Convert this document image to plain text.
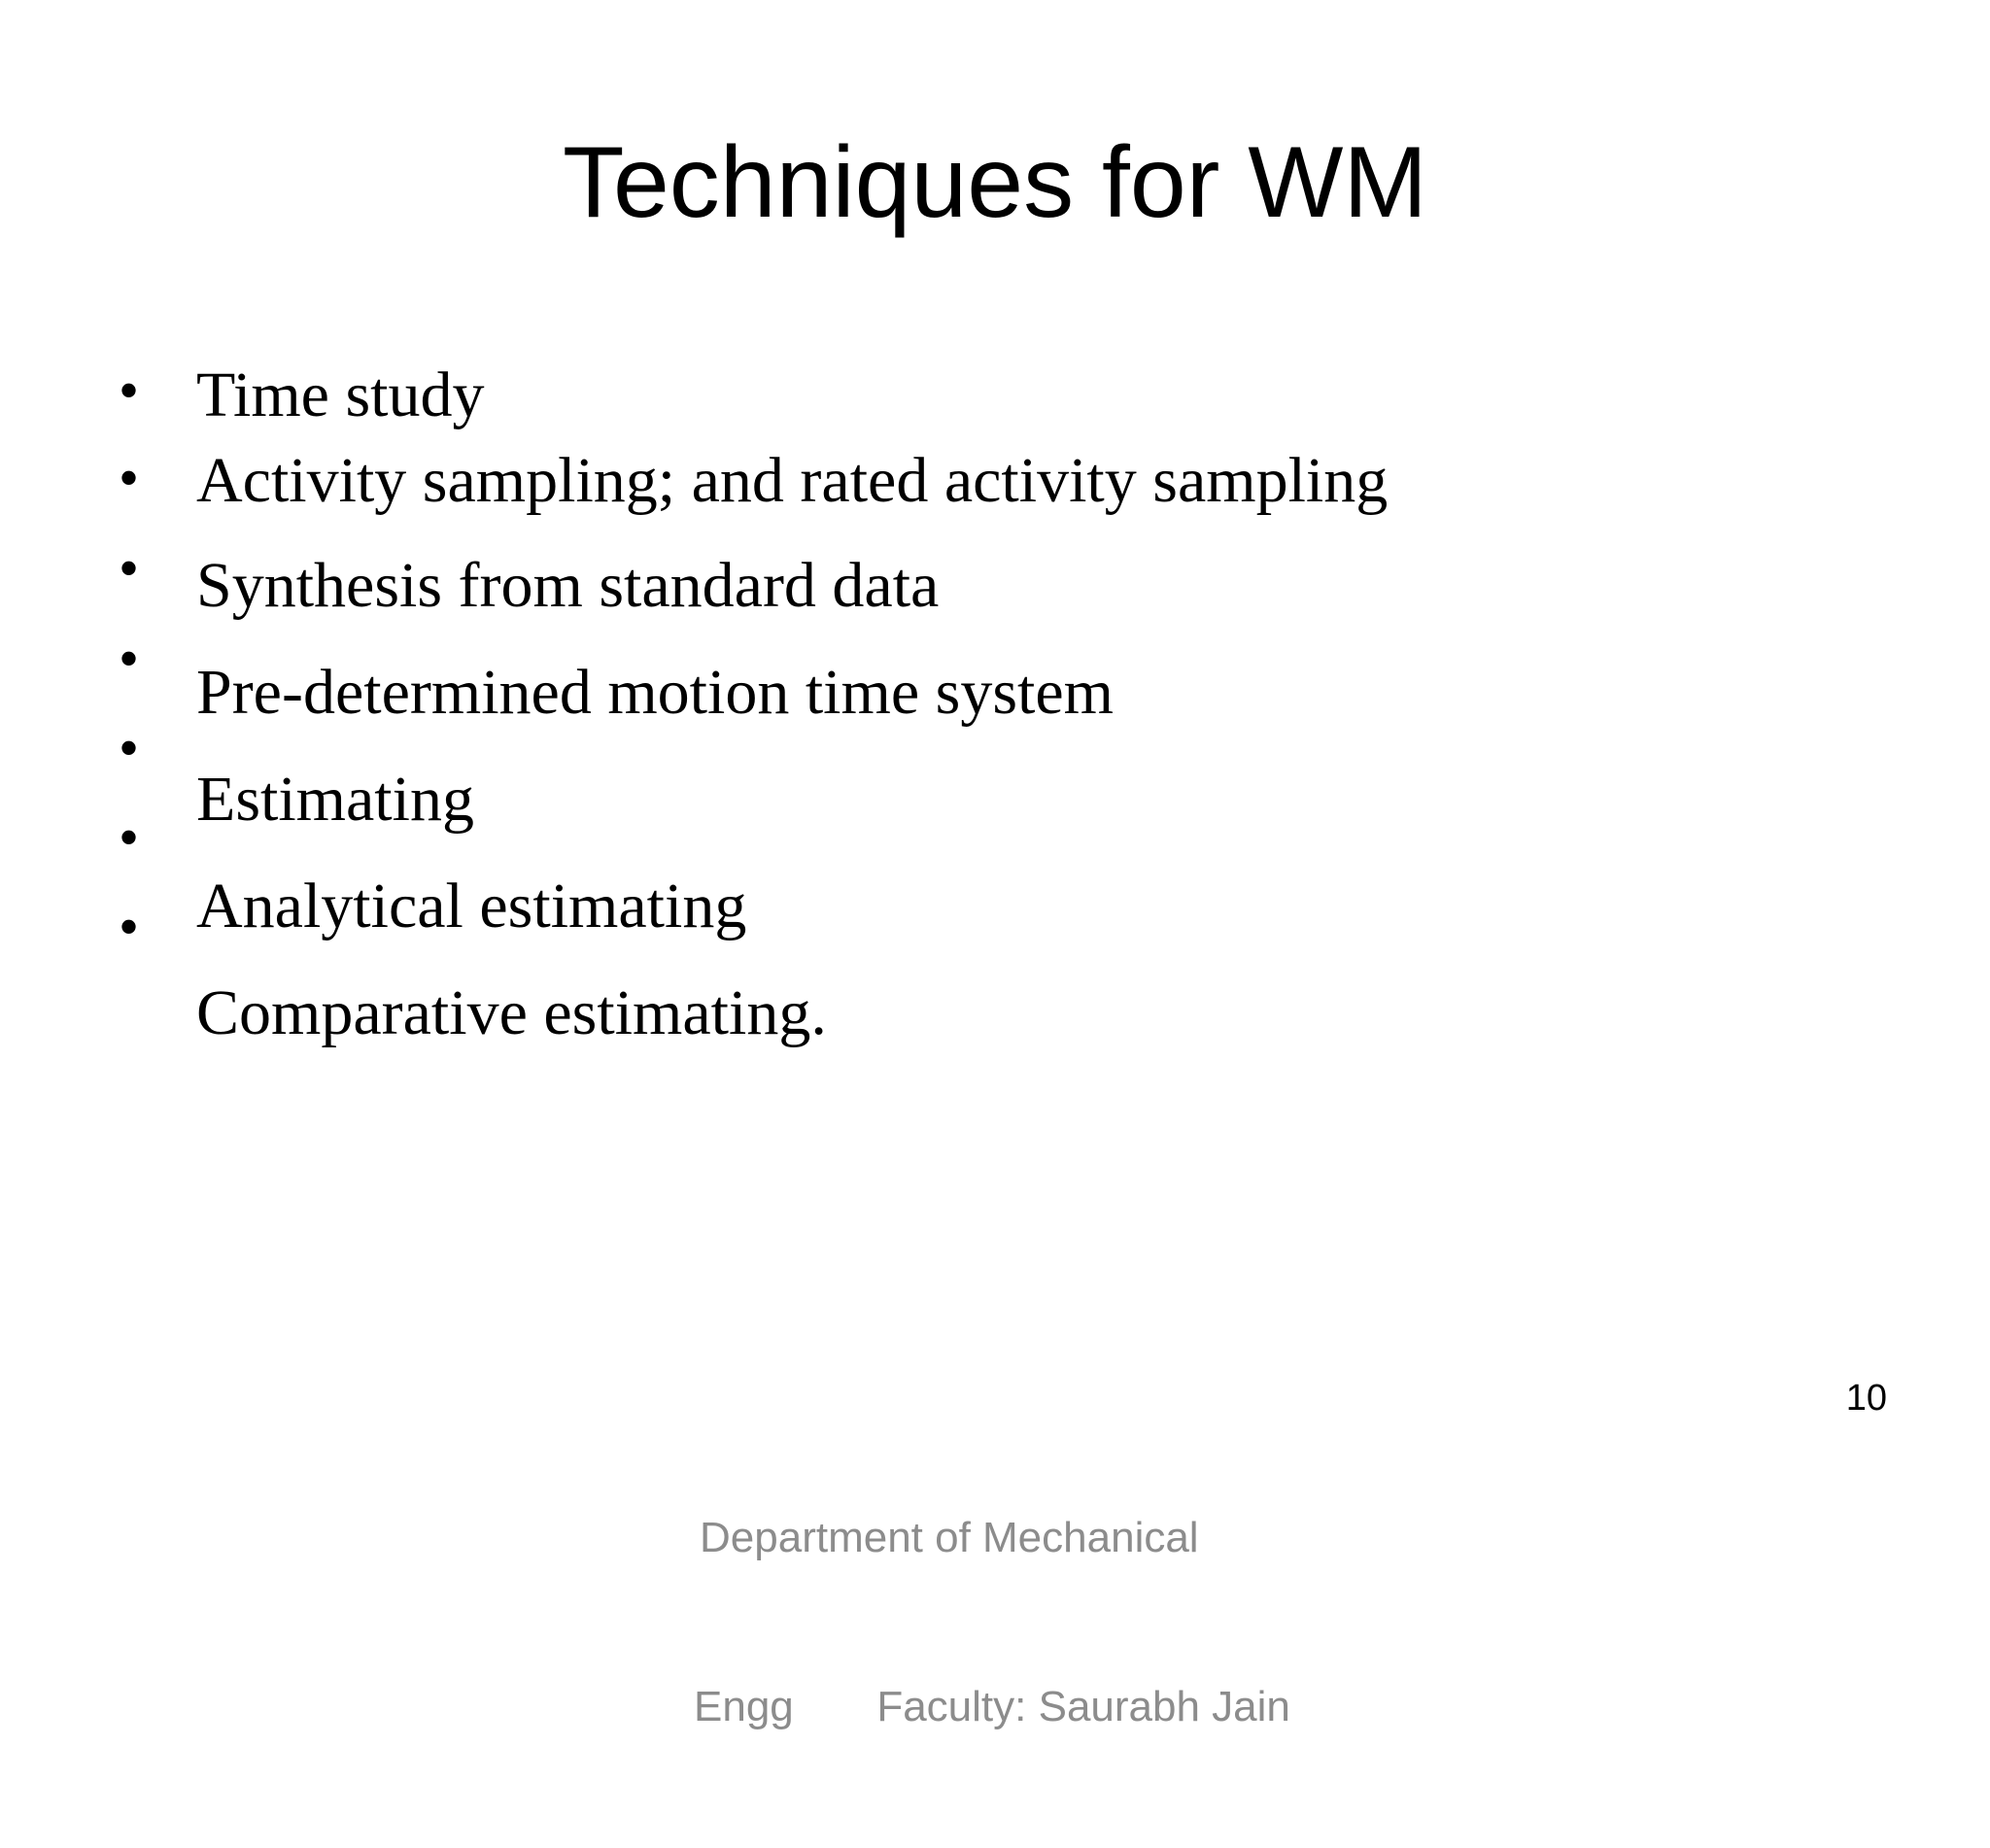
Techniques for WM
•
•
•
•
•
•
•
Time study
Activity sampling; and rated activity sampling
Synthesis from standard data
Pre-determined motion time system
Estimating
Analytical estimating
Comparative estimating.
10

Department of Mechanical

Engg       Faculty: Saurabh Jain
